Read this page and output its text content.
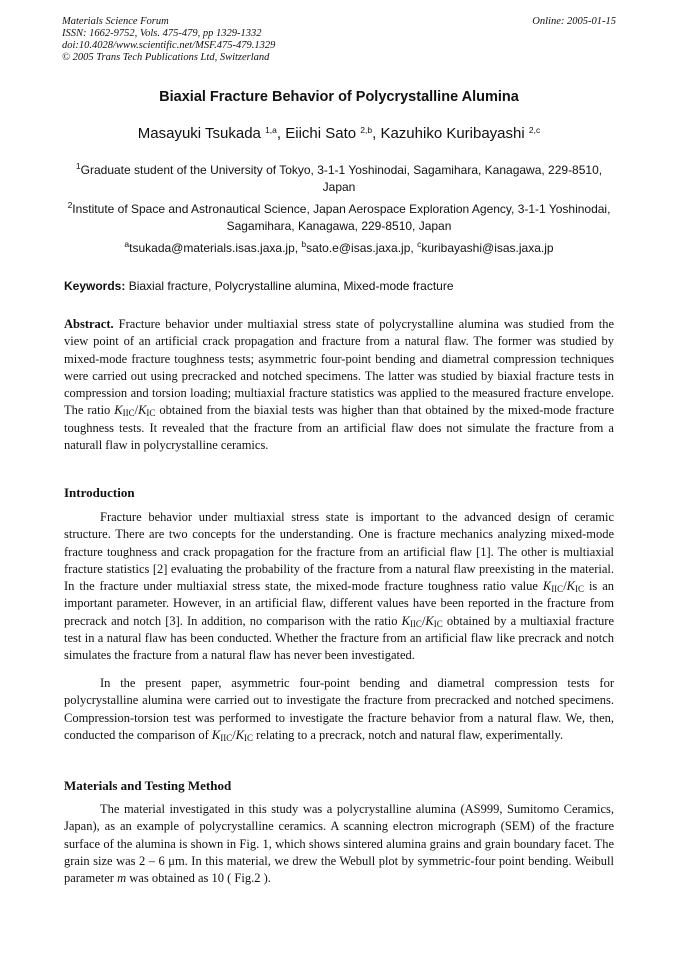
Materials Science Forum
ISSN: 1662-9752, Vols. 475-479, pp 1329-1332
doi:10.4028/www.scientific.net/MSF.475-479.1329
© 2005 Trans Tech Publications Ltd, Switzerland
Online: 2005-01-15
Biaxial Fracture Behavior of Polycrystalline Alumina
Masayuki Tsukada $^{1,a}$, Eiichi Sato $^{2,b}$, Kazuhiko Kuribayashi $^{2,c}$
$^1$Graduate student of the University of Tokyo, 3-1-1 Yoshinodai, Sagamihara, Kanagawa, 229-8510, Japan
$^2$Institute of Space and Astronautical Science, Japan Aerospace Exploration Agency, 3-1-1 Yoshinodai, Sagamihara, Kanagawa, 229-8510, Japan
$^a$tsukada@materials.isas.jaxa.jp, $^b$sato.e@isas.jaxa.jp, $^c$kuribayashi@isas.jaxa.jp
Keywords: Biaxial fracture, Polycrystalline alumina, Mixed-mode fracture
Abstract. Fracture behavior under multiaxial stress state of polycrystalline alumina was studied from the view point of an artificial crack propagation and fracture from a natural flaw. The former was studied by mixed-mode fracture toughness tests; asymmetric four-point bending and diametral compression techniques were carried out using precracked and notched specimens. The latter was studied by biaxial fracture tests in compression and torsion loading; multiaxial fracture statistics was applied to the measured fracture envelope. The ratio $K_{IIC}/K_{IC}$ obtained from the biaxial tests was higher than that obtained by the mixed-mode fracture toughness tests. It revealed that the fracture from an artificial flaw does not simulate the fracture from a naturall flaw in polycrystalline ceramics.
Introduction
Fracture behavior under multiaxial stress state is important to the advanced design of ceramic structure. There are two concepts for the understanding. One is fracture mechanics analyzing mixed-mode fracture toughness and crack propagation for the fracture from an artificial flaw [1]. The other is multiaxial fracture statistics [2] evaluating the probability of the fracture from a natural flaw preexisting in the material. In the fracture under multiaxial stress state, the mixed-mode fracture toughness ratio value $K_{IIC}/K_{IC}$ is an important parameter. However, in an artificial flaw, different values have been reported in the fracture from precrack and notch [3]. In addition, no comparison with the ratio $K_{IIC}/K_{IC}$ obtained by a multiaxial fracture test in a natural flaw has been conducted. Whether the fracture from an artificial flaw like precrack and notch simulates the fracture from a natural flaw has never been investigated.
In the present paper, asymmetric four-point bending and diametral compression tests for polycrystalline alumina were carried out to investigate the fracture from precracked and notched specimens. Compression-torsion test was performed to investigate the fracture behavior from a natural flaw. We, then, conducted the comparison of $K_{IIC}/K_{IC}$ relating to a precrack, notch and natural flaw, experimentally.
Materials and Testing Method
The material investigated in this study was a polycrystalline alumina (AS999, Sumitomo Ceramics, Japan), as an example of polycrystalline ceramics. A scanning electron micrograph (SEM) of the fracture surface of the alumina is shown in Fig. 1, which shows sintered alumina grains and grain boundary facet. The grain size was 2 – 6 μm. In this material, we drew the Webull plot by symmetric-four point bending. Weibull parameter m was obtained as 10 ( Fig.2 ).
